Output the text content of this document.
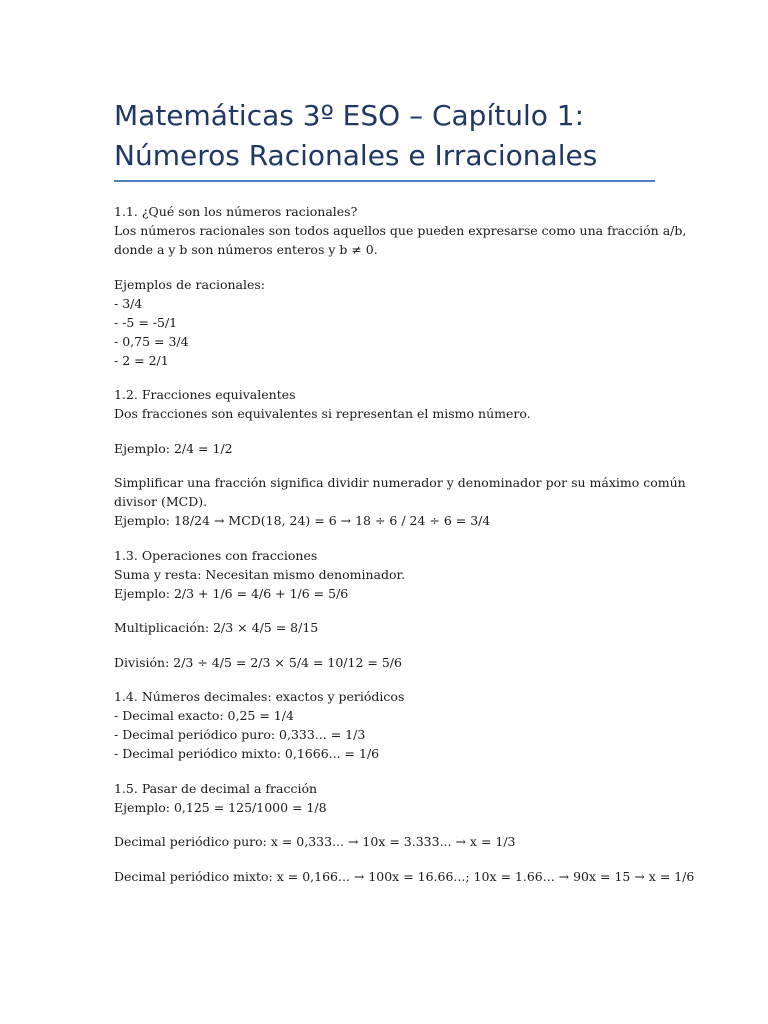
Matemáticas 3º ESO – Capítulo 1:
Números Racionales e Irracionales
1.1. ¿Qué son los números racionales?
Los números racionales son todos aquellos que pueden expresarse como una fracción a/b,
donde a y b son números enteros y b ≠ 0.
Ejemplos de racionales:
- 3/4
- -5 = -5/1
- 0,75 = 3/4
- 2 = 2/1
1.2. Fracciones equivalentes
Dos fracciones son equivalentes si representan el mismo número.
Ejemplo: 2/4 = 1/2
Simplificar una fracción significa dividir numerador y denominador por su máximo común
divisor (MCD).
Ejemplo: 18/24 → MCD(18, 24) = 6 → 18 ÷ 6 / 24 ÷ 6 = 3/4
1.3. Operaciones con fracciones
Suma y resta: Necesitan mismo denominador.
Ejemplo: 2/3 + 1/6 = 4/6 + 1/6 = 5/6
Multiplicación: 2/3 × 4/5 = 8/15
División: 2/3 ÷ 4/5 = 2/3 × 5/4 = 10/12 = 5/6
1.4. Números decimales: exactos y periódicos
- Decimal exacto: 0,25 = 1/4
- Decimal periódico puro: 0,333... = 1/3
- Decimal periódico mixto: 0,1666... = 1/6
1.5. Pasar de decimal a fracción
Ejemplo: 0,125 = 125/1000 = 1/8
Decimal periódico puro: x = 0,333... → 10x = 3.333... → x = 1/3
Decimal periódico mixto: x = 0,166... → 100x = 16.66...; 10x = 1.66... → 90x = 15 → x = 1/6
